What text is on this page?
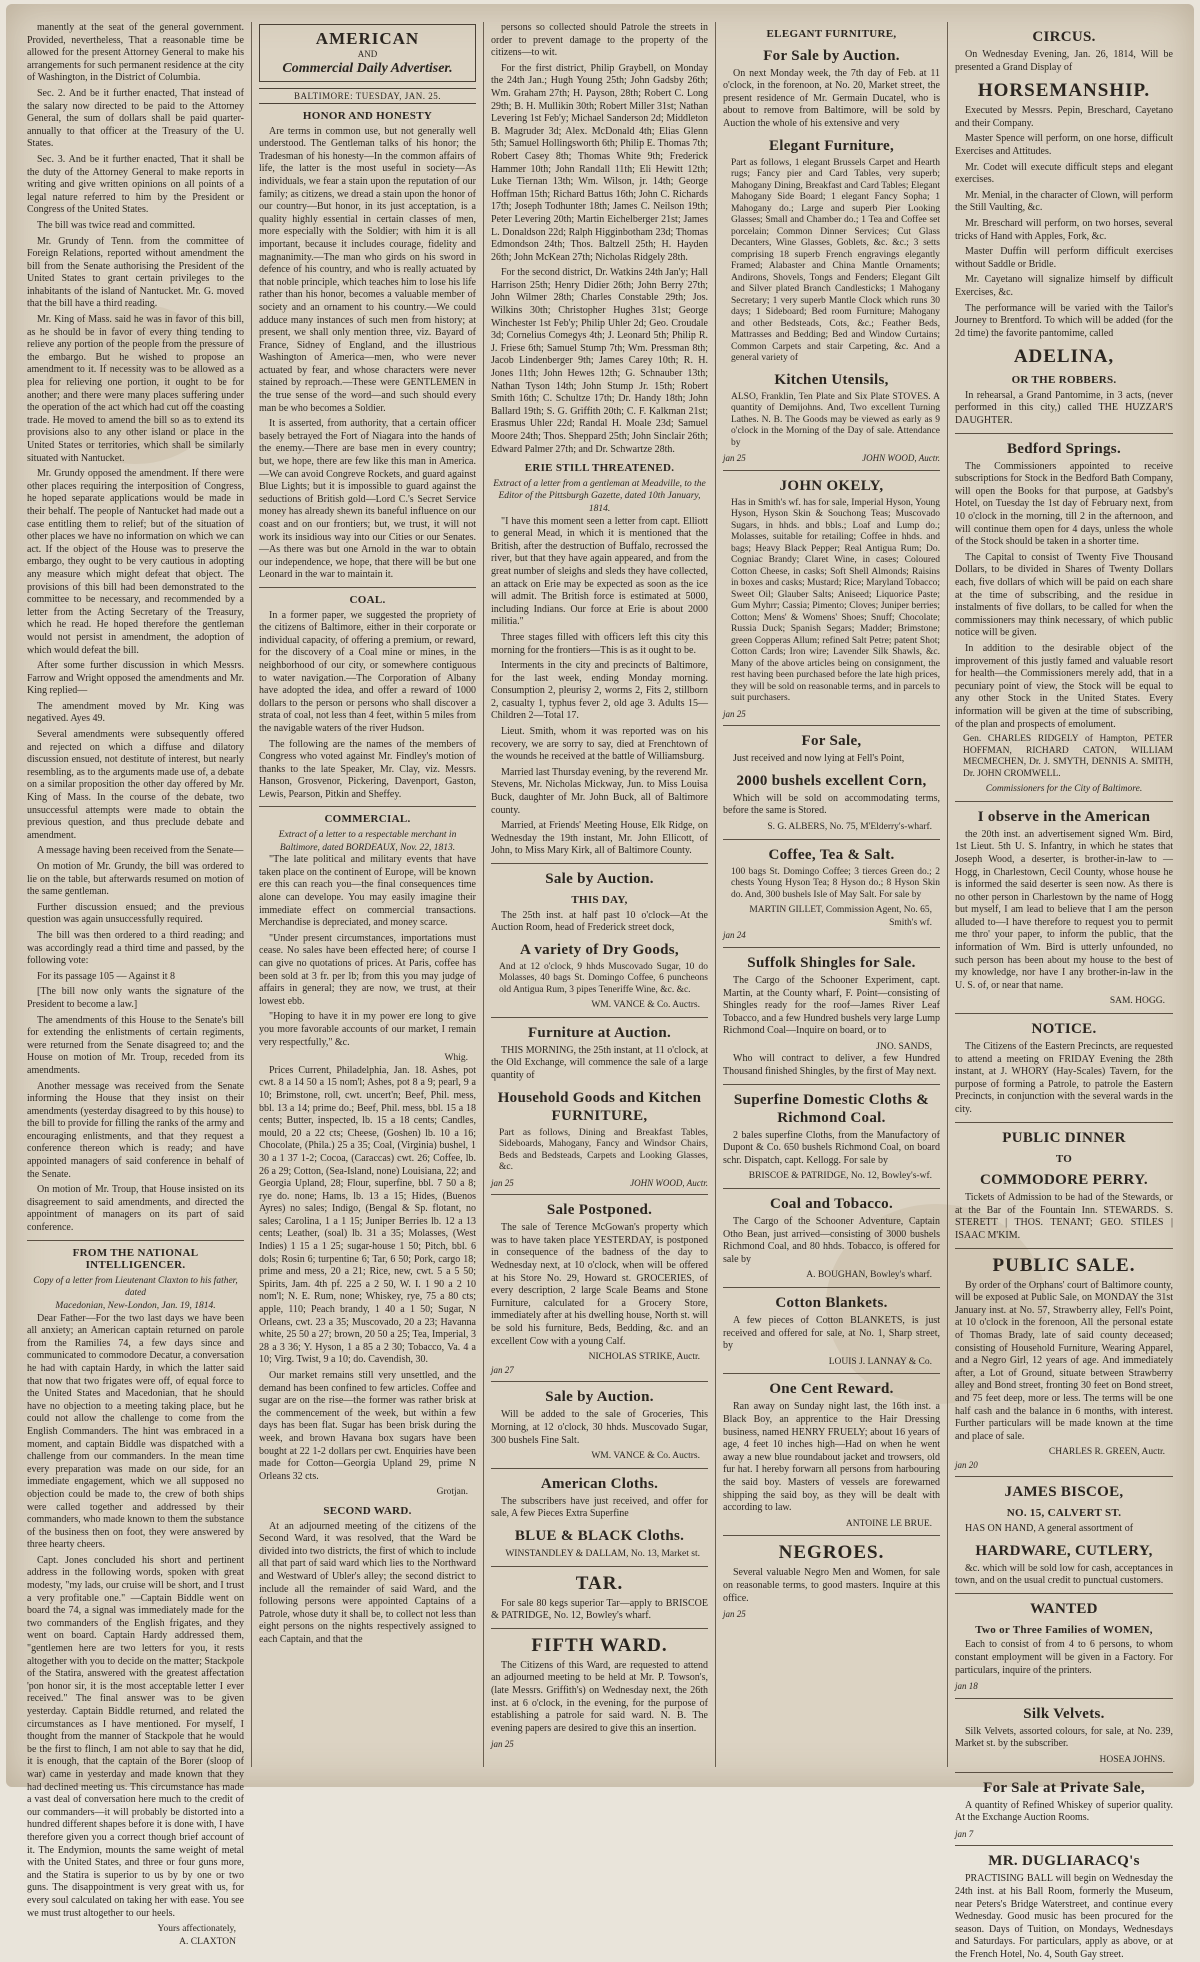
manently at the seat of the general government. Provided, nevertheless, That a reasonable time be allowed for the present Attorney General to make his arrangements for such permanent residence at the city of Washington, in the District of Columbia.

Sec. 2. And be it further enacted, That instead of the salary now directed to be paid to the Attorney General, the sum of dollars shall be paid quarter-annually to that officer at the Treasury of the U. States.

Sec. 3. And be it further enacted, That it shall be the duty of the Attorney General to make reports in writing and give written opinions on all points of a legal nature referred to him by the President or Congress of the United States.

The bill was twice read and committed.

Mr. Grundy of Tenn. from the committee of Foreign Relations, reported without amendment the bill from the Senate authorising the President of the United States to grant certain privileges to the inhabitants of the island of Nantucket. Mr. G. moved that the bill have a third reading.

Mr. King of Mass. said he was in favor of this bill, as he should be in favor of every thing tending to relieve any portion of the people from the pressure of the embargo. But he wished to propose an amendment to it. If necessity was to be allowed as a plea for relieving one portion, it ought to be for another; and there were many places suffering under the operation of the act which had cut off the coasting trade. He moved to amend the bill so as to extend its provisions also to any other island or place in the United States or territories, which shall be similarly situated with Nantucket.

Mr. Grundy opposed the amendment. If there were other places requiring the interposition of Congress, he hoped separate applications would be made in their behalf. The people of Nantucket had made out a case entitling them to relief; but of the situation of other places we have no information on which we can act. If the object of the House was to preserve the embargo, they ought to be very cautious in adopting any measure which might defeat that object. The provisions of this bill had been demonstrated to the committee to be necessary, and recommended by a letter from the Acting Secretary of the Treasury, which he read. He hoped therefore the gentleman would not persist in amendment, the adoption of which would defeat the bill.

After some further discussion in which Messrs. Farrow and Wright opposed the amendments and Mr. King replied—

The amendment moved by Mr. King was negatived. Ayes 49.

Several amendments were subsequently offered and rejected on which a diffuse and dilatory discussion ensued, not destitute of interest, but nearly resembling, as to the arguments made use of, a debate on a similar proposition the other day offered by Mr. King of Mass. In the course of the debate, two unsuccessful attempts were made to obtain the previous question, and thus preclude debate and amendment.

A message having been received from the Senate—

On motion of Mr. Grundy, the bill was ordered to lie on the table, but afterwards resumed on motion of the same gentleman.

Further discussion ensued; and the previous question was again unsuccessfully required.

The bill was then ordered to a third reading; and was accordingly read a third time and passed, by the following vote:

For its passage 105 — Against it 8

[The bill now only wants the signature of the President to become a law.]

The amendments of this House to the Senate's bill for extending the enlistments of certain regiments, were returned from the Senate disagreed to; and the House on motion of Mr. Troup, receded from its amendments.

Another message was received from the Senate informing the House that they insist on their amendments (yesterday disagreed to by this house) to the bill to provide for filling the ranks of the army and encouraging enlistments, and that they request a conference thereon which is ready; and have appointed managers of said conference in behalf of the Senate.

On motion of Mr. Troup, that House insisted on its disagreement to said amendments, and directed the appointment of managers on its part of said conference.

FROM THE NATIONAL INTELLIGENCER.
Copy of a letter from Lieutenant Claxton to his father, dated
Macedonian, New-London, Jan. 19, 1814.

Dear Father—For the two last days we have been all anxiety; an American captain returned on parole from the Ramilies 74, a few days since and communicated to commodore Decatur, a conversation he had with captain Hardy, in which the latter said that now that two frigates were off, of equal force to the United States and Macedonian, that he should have no objection to a meeting taking place, but he could not allow the challenge to come from the English Commanders. The hint was embraced in a moment, and captain Biddle was dispatched with a challenge from our commanders. In the mean time every preparation was made on our side, for an immediate engagement, which we all supposed no objection could be made to, the crew of both ships were called together and addressed by their commanders, who made known to them the substance of the business then on foot, they were answered by three hearty cheers.

Capt. Jones concluded his short and pertinent address in the following words, spoken with great modesty, "my lads, our cruise will be short, and I trust a very profitable one." —Captain Biddle went on board the 74, a signal was immediately made for the two commanders of the English frigates, and they went on board. Captain Hardy addressed them, "gentlemen here are two letters for you, it rests altogether with you to decide on the matter; Stackpole of the Statira, answered with the greatest affectation 'pon honor sir, it is the most acceptable letter I ever received." The final answer was to be given yesterday. Captain Biddle returned, and related the circumstances as I have mentioned. For myself, I thought from the manner of Stackpole that he would be the first to flinch, I am not able to say that he did, it is enough, that the captain of the Borer (sloop of war) came in yesterday and made known that they had declined meeting us. This circumstance has made a vast deal of conversation here much to the credit of our commanders—it will probably be distorted into a hundred different shapes before it is done with, I have therefore given you a correct though brief account of it. The Endymion, mounts the same weight of metal with the United States, and three or four guns more, and the Statira is superior to us by by one or two guns. The disappointment is very great with us, for every soul calculated on taking her with ease. You see we must trust altogether to our heels.

Yours affectionately,
A. CLAXTON
AMERICAN
AND
Commercial Daily Advertiser.
BALTIMORE: TUESDAY, JAN. 25.
HONOR AND HONESTY

Are terms in common use, but not generally well understood. The Gentleman talks of his honor; the Tradesman of his honesty—In the common affairs of life, the latter is the most useful in society—As individuals, we fear a stain upon the reputation of our family; as citizens, we dread a stain upon the honor of our country—But honor, in its just acceptation, is a quality highly essential in certain classes of men, more especially with the Soldier; with him it is all important, because it includes courage, fidelity and magnanimity.—The man who girds on his sword in defence of his country, and who is really actuated by that noble principle, which teaches him to lose his life rather than his honor, becomes a valuable member of society and an ornament to his country.—We could adduce many instances of such men from history; at present, we shall only mention three, viz. Bayard of France, Sidney of England, and the illustrious Washington of America—men, who were never actuated by fear, and whose characters were never stained by reproach.—These were GENTLEMEN in the true sense of the word—and such should every man be who becomes a Soldier.

It is asserted, from authority, that a certain officer basely betrayed the Fort of Niagara into the hands of the enemy.—There are base men in every country; but, we hope, there are few like this man in America.—We can avoid Congreve Rockets, and guard against Blue Lights; but it is impossible to guard against the seductions of British gold—Lord C.'s Secret Service money has already shewn its baneful influence on our coast and on our frontiers; but, we trust, it will not work its insidious way into our Cities or our Senates.—As there was but one Arnold in the war to obtain our independence, we hope, that there will be but one Leonard in the war to maintain it.

COAL.

In a former paper, we suggested the propriety of the citizens of Baltimore, either in their corporate or individual capacity, of offering a premium, or reward, for the discovery of a Coal mine or mines, in the neighborhood of our city, or somewhere contiguous to water navigation.—The Corporation of Albany have adopted the idea, and offer a reward of 1000 dollars to the person or persons who shall discover a strata of coal, not less than 4 feet, within 5 miles from the navigable waters of the river Hudson.

The following are the names of the members of Congress who voted against Mr. Findley's motion of thanks to the late Speaker, Mr. Clay, viz. Messrs. Hanson, Grosvenor, Pickering, Davenport, Gaston, Lewis, Pearson, Pitkin and Sheffey.

COMMERCIAL.
Extract of a letter to a respectable merchant in Baltimore, dated BORDEAUX, Nov. 22, 1813.

"The late political and military events that have taken place on the continent of Europe, will be known ere this can reach you—the final consequences time alone can develope. You may easily imagine their immediate effect on commercial transactions. Merchandise is depreciated, and money scarce.

"Under present circumstances, importations must cease. No sales have been effected here; of course I can give no quotations of prices. At Paris, coffee has been sold at 3 fr. per lb; from this you may judge of affairs in general; they are now, we trust, at their lowest ebb.

"Hoping to have it in my power ere long to give you more favorable accounts of our market, I remain very respectfully," &c.

Whig.

Prices Current, Philadelphia, Jan. 18. Ashes, pot cwt. 8 a 14 50 a 15 nom'l; Ashes, pot 8 a 9; pearl, 9 a 10; Brimstone, roll, cwt. uncert'n; Beef, Phil. mess, bbl. 13 a 14; prime do.; Beef, Phil. mess, bbl. 15 a 18 cents; Butter, inspected, lb. 15 a 18 cents; Candles, mould, 20 a 22 cts; Cheese, (Goshen) lb. 10 a 16; Chocolate, (Phila.) 25 a 35; Coal, (Virginia) bushel, 1 30 a 1 37 1-2; Cocoa, (Caraccas) cwt. 26; Coffee, lb. 26 a 29; Cotton, (Sea-Island, none) Louisiana, 22; and Georgia Upland, 28; Flour, superfine, bbl. 7 50 a 8; rye do. none; Hams, lb. 13 a 15; Hides, (Buenos Ayres) no sales; Indigo, (Bengal & Sp. flotant, no sales; Carolina, 1 a 1 15; Juniper Berries lb. 12 a 13 cents; Leather, (soal) lb. 31 a 35; Molasses, (West Indies) 1 15 a 1 25; sugar-house 1 50; Pitch, bbl. 6 dols; Rosin 6; turpentine 6; Tar, 6 50; Pork, cargo 18; prime and mess, 20 a 21; Rice, new, cwt. 5 a 5 50; Spirits, Jam. 4th pf. 225 a 2 50, W. I. 1 90 a 2 10 nom'l; N. E. Rum, none; Whiskey, rye, 75 a 80 cts; apple, 110; Peach brandy, 1 40 a 1 50; Sugar, N Orleans, cwt. 23 a 35; Muscovado, 20 a 23; Havanna white, 25 50 a 27; brown, 20 50 a 25; Tea, Imperial, 3 28 a 3 36; Y. Hyson, 1 a 85 a 2 30; Tobacco, Va. 4 a 10; Virg. Twist, 9 a 10; do. Cavendish, 30.

Our market remains still very unsettled, and the demand has been confined to few articles. Coffee and sugar are on the rise—the former was rather brisk at the commencement of the week, but within a few days has been flat. Sugar has been brisk during the week, and brown Havana box sugars have been bought at 22 1-2 dollars per cwt. Enquiries have been made for Cotton—Georgia Upland 29, prime N Orleans 32 cts.

Grotjan.
SECOND WARD.

At an adjourned meeting of the citizens of the Second Ward, it was resolved, that the Ward be divided into two districts, the first of which to include all that part of said ward which lies to the Northward and Westward of Ubler's alley; the second district to include all the remainder of said Ward, and the following persons were appointed Captains of a Patrole, whose duty it shall be, to collect not less than eight persons on the nights respectively assigned to each Captain, and that the

persons so collected should Patrole the streets in order to prevent damage to the property of the citizens—to wit.

For the first district, Philip Graybell, on Monday the 24th Jan.; Hugh Young 25th; John Gadsby 26th; Wm. Graham 27th; H. Payson, 28th; Robert C. Long 29th; B. H. Mullikin 30th; Robert Miller 31st; Nathan Levering 1st Feb'y; Michael Sanderson 2d; Middleton B. Magruder 3d; Alex. McDonald 4th; Elias Glenn 5th; Samuel Hollingsworth 6th; Philip E. Thomas 7th; Robert Casey 8th; Thomas White 9th; Frederick Hammer 10th; John Randall 11th; Eli Hewitt 12th; Luke Tiernan 13th; Wm. Wilson, jr. 14th; George Hoffman 15th; Richard Battus 16th; John C. Richards 17th; Joseph Todhunter 18th; James C. Neilson 19th; Peter Levering 20th; Martin Eichelberger 21st; James L. Donaldson 22d; Ralph Higginbotham 23d; Thomas Edmondson 24th; Thos. Baltzell 25th; H. Hayden 26th; John McKean 27th; Nicholas Ridgely 28th.

For the second district, Dr. Watkins 24th Jan'y; Hall Harrison 25th; Henry Didier 26th; John Berry 27th; John Wilmer 28th; Charles Constable 29th; Jos. Wilkins 30th; Christopher Hughes 31st; George Winchester 1st Feb'y; Philip Uhler 2d; Geo. Croudale 3d; Cornelius Comegys 4th; J. Leonard 5th; Philip R. J. Friese 6th; Samuel Stump 7th; Wm. Pressman 8th; Jacob Lindenberger 9th; James Carey 10th; R. H. Jones 11th; John Hewes 12th; G. Schnauber 13th; Nathan Tyson 14th; John Stump Jr. 15th; Robert Smith 16th; C. Schultze 17th; Dr. Handy 18th; John Ballard 19th; S. G. Griffith 20th; C. F. Kalkman 21st; Erasmus Uhler 22d; Randal H. Moale 23d; Samuel Moore 24th; Thos. Sheppard 25th; John Sinclair 26th; Edward Palmer 27th; and Dr. Schwartze 28th.

ERIE STILL THREATENED.
Extract of a letter from a gentleman at Meadville, to the Editor of the Pittsburgh Gazette, dated 10th January, 1814.

"I have this moment seen a letter from capt. Elliott to general Mead, in which it is mentioned that the British, after the destruction of Buffalo, recrossed the river, but that they have again appeared, and from the great number of sleighs and sleds they have collected, an attack on Erie may be expected as soon as the ice will admit. The British force is estimated at 5000, including Indians. Our force at Erie is about 2000 militia."

Three stages filled with officers left this city this morning for the frontiers—This is as it ought to be.

Interments in the city and precincts of Baltimore, for the last week, ending Monday morning. Consumption 2, pleurisy 2, worms 2, Fits 2, stillborn 2, casualty 1, typhus fever 2, old age 3. Adults 15—Children 2—Total 17.

Lieut. Smith, whom it was reported was on his recovery, we are sorry to say, died at Frenchtown of the wounds he received at the battle of Williamsburg.

Married last Thursday evening, by the reverend Mr. Stevens, Mr. Nicholas Mickway, Jun. to Miss Louisa Buck, daughter of Mr. John Buck, all of Baltimore county.

Married, at Friends' Meeting House, Elk Ridge, on Wednesday the 19th instant, Mr. John Ellicott, of John, to Miss Mary Kirk, all of Baltimore County.

Sale by Auction.
THIS DAY,

The 25th inst. at half past 10 o'clock—At the Auction Room, head of Frederick street dock,

A variety of Dry Goods,
And at 12 o'clock, 9 hhds Muscovado Sugar, 10 do Molasses, 40 bags St. Domingo Coffee, 6 puncheons old Antigua Rum, 3 pipes Teneriffe Wine, &c. &c.
WM. VANCE & Co. Auctrs.
Furniture at Auction.

THIS MORNING, the 25th instant, at 11 o'clock, at the Old Exchange, will commence the sale of a large quantity of

Household Goods and Kitchen FURNITURE,
Part as follows, Dining and Breakfast Tables, Sideboards, Mahogany, Fancy and Windsor Chairs, Beds and Bedsteads, Carpets and Looking Glasses, &c.
jan 25	JOHN WOOD, Auctr.
Sale Postponed.

The sale of Terence McGowan's property which was to have taken place YESTERDAY, is postponed in consequence of the badness of the day to Wednesday next, at 10 o'clock, when will be offered at his Store No. 29, Howard st. GROCERIES, of every description, 2 large Scale Beams and Stone Furniture, calculated for a Grocery Store, immediately after at his dwelling house, North st. will be sold his furniture, Beds, Bedding, &c. and an excellent Cow with a young Calf.

NICHOLAS STRIKE, Auctr.
jan 27
Sale by Auction.

Will be added to the sale of Groceries, This Morning, at 12 o'clock, 30 hhds. Muscovado Sugar, 300 bushels Fine Salt.

WM. VANCE & Co. Auctrs.
American Cloths.

The subscribers have just received, and offer for sale, A few Pieces Extra Superfine

BLUE & BLACK Cloths.
WINSTANDLEY & DALLAM, No. 13, Market st.
TAR.

For sale 80 kegs superior Tar—apply to BRISCOE & PATRIDGE, No. 12, Bowley's wharf.

FIFTH WARD.

The Citizens of this Ward, are requested to attend an adjourned meeting to be held at Mr. P. Towson's, (late Messrs. Griffith's) on Wednesday next, the 26th inst. at 6 o'clock, in the evening, for the purpose of establishing a patrole for said ward. N. B. The evening papers are desired to give this an insertion.

jan 25
ELEGANT FURNITURE,
For Sale by Auction.

On next Monday week, the 7th day of Feb. at 11 o'clock, in the forenoon, at No. 20, Market street, the present residence of Mr. Germain Ducatel, who is about to remove from Baltimore, will be sold by Auction the whole of his extensive and very

Elegant Furniture,
Part as follows, 1 elegant Brussels Carpet and Hearth rugs; Fancy pier and Card Tables, very superb; Mahogany Dining, Breakfast and Card Tables; Elegant Mahogany Side Board; 1 elegant Fancy Sopha; 1 Mahogany do.; Large and superb Pier Looking Glasses; Small and Chamber do.; 1 Tea and Coffee set porcelain; Common Dinner Services; Cut Glass Decanters, Wine Glasses, Goblets, &c. &c.; 3 setts comprising 18 superb French engravings elegantly Framed; Alabaster and China Mantle Ornaments; Andirons, Shovels, Tongs and Fenders; Elegant Gilt and Silver plated Branch Candlesticks; 1 Mahogany Secretary; 1 very superb Mantle Clock which runs 30 days; 1 Sideboard; Bed room Furniture; Mahogany and other Bedsteads, Cots, &c.; Feather Beds, Mattrasses and Bedding; Bed and Window Curtains; Common Carpets and stair Carpeting, &c. And a general variety of
Kitchen Utensils,
ALSO, Franklin, Ten Plate and Six Plate STOVES. A quantity of Demijohns. And, Two excellent Turning Lathes. N. B. The Goods may be viewed as early as 9 o'clock in the Morning of the Day of sale. Attendance by
jan 25	JOHN WOOD, Auctr.
JOHN OKELY,
Has in Smith's wf. has for sale, Imperial Hyson, Young Hyson, Hyson Skin & Souchong Teas; Muscovado Sugars, in hhds. and bbls.; Loaf and Lump do.; Molasses, suitable for retailing; Coffee in hhds. and bags; Heavy Black Pepper; Real Antigua Rum; Do. Cogniac Brandy; Claret Wine, in cases; Coloured Cotton Cheese, in casks; Soft Shell Almonds; Raisins in boxes and casks; Mustard; Rice; Maryland Tobacco; Sweet Oil; Glauber Salts; Aniseed; Liquorice Paste; Gum Myhrr; Cassia; Pimento; Cloves; Juniper berries; Cotton; Mens' & Womens' Shoes; Snuff; Chocolate; Russia Duck; Spanish Segars; Madder; Brimstone; green Copperas Allum; refined Salt Petre; patent Shot; Cotton Cards; Iron wire; Lavender Silk Shawls, &c. Many of the above articles being on consignment, the rest having been purchased before the late high prices, they will be sold on reasonable terms, and in parcels to suit purchasers.
jan 25
For Sale,

Just received and now lying at Fell's Point,

2000 bushels excellent Corn,

Which will be sold on accommodating terms, before the same is Stored.

S. G. ALBERS, No. 75, M'Elderry's-wharf.
Coffee, Tea & Salt.
100 bags St. Domingo Coffee; 3 tierces Green do.; 2 chests Young Hyson Tea; 8 Hyson do.; 8 Hyson Skin do. And, 300 bushels Isle of May Salt. For sale by
MARTIN GILLET, Commission Agent, No. 65, Smith's wf.
jan 24
Suffolk Shingles for Sale.

The Cargo of the Schooner Experiment, capt. Martin, at the County wharf, F. Point—consisting of Shingles ready for the roof—James River Leaf Tobacco, and a few Hundred bushels very large Lump Richmond Coal—Inquire on board, or to

JNO. SANDS,

Who will contract to deliver, a few Hundred Thousand finished Shingles, by the first of May next.

Superfine Domestic Cloths & Richmond Coal.

2 bales superfine Cloths, from the Manufactory of Dupont & Co. 650 bushels Richmond Coal, on board schr. Dispatch, capt. Kellogg. For sale by

BRISCOE & PATRIDGE, No. 12, Bowley's-wf.
Coal and Tobacco.

The Cargo of the Schooner Adventure, Captain Otho Bean, just arrived—consisting of 3000 bushels Richmond Coal, and 80 hhds. Tobacco, is offered for sale by

A. BOUGHAN, Bowley's wharf.
Cotton Blankets.

A few pieces of Cotton BLANKETS, is just received and offered for sale, at No. 1, Sharp street, by

LOUIS J. LANNAY & Co.
One Cent Reward.

Ran away on Sunday night last, the 16th inst. a Black Boy, an apprentice to the Hair Dressing business, named HENRY FRUELY; about 16 years of age, 4 feet 10 inches high—Had on when he went away a new blue roundabout jacket and trowsers, old fur hat. I hereby forwarn all persons from harbouring the said boy. Masters of vessels are forewarned shipping the said boy, as they will be dealt with according to law.

ANTOINE LE BRUE.
NEGROES.

Several valuable Negro Men and Women, for sale on reasonable terms, to good masters. Inquire at this office.

jan 25
CIRCUS.

On Wednesday Evening, Jan. 26, 1814, Will be presented a Grand Display of

HORSEMANSHIP.

Executed by Messrs. Pepin, Breschard, Cayetano and their Company.

Master Spence will perform, on one horse, difficult Exercises and Attitudes.

Mr. Codet will execute difficult steps and elegant exercises.

Mr. Menial, in the character of Clown, will perform the Still Vaulting, &c.

Mr. Breschard will perform, on two horses, several tricks of Hand with Apples, Fork, &c.

Master Duffin will perform difficult exercises without Saddle or Bridle.

Mr. Cayetano will signalize himself by difficult Exercises, &c.

The performance will be varied with the Tailor's Journey to Brentford. To which will be added (for the 2d time) the favorite pantomime, called

ADELINA,
OR THE ROBBERS.

In rehearsal, a Grand Pantomime, in 3 acts, (never performed in this city,) called THE HUZZAR'S DAUGHTER.

Bedford Springs.

The Commissioners appointed to receive subscriptions for Stock in the Bedford Bath Company, will open the Books for that purpose, at Gadsby's Hotel, on Tuesday the 1st day of February next, from 10 o'clock in the morning, till 2 in the afternoon, and will continue them open for 4 days, unless the whole of the Stock should be taken in a shorter time.

The Capital to consist of Twenty Five Thousand Dollars, to be divided in Shares of Twenty Dollars each, five dollars of which will be paid on each share at the time of subscribing, and the residue in instalments of five dollars, to be called for when the commissioners may think necessary, of which public notice will be given.

In addition to the desirable object of the improvement of this justly famed and valuable resort for health—the Commissioners merely add, that in a pecuniary point of view, the Stock will be equal to any other Stock in the United States. Every information will be given at the time of subscribing, of the plan and prospects of emolument.

Gen. CHARLES RIDGELY of Hampton, PETER HOFFMAN, RICHARD CATON, WILLIAM MECMECHEN, Dr. J. SMYTH, DENNIS A. SMITH, Dr. JOHN CROMWELL.
Commissioners for the City of Baltimore.
I observe in the American

the 20th inst. an advertisement signed Wm. Bird, 1st Lieut. 5th U. S. Infantry, in which he states that Joseph Wood, a deserter, is brother-in-law to — Hogg, in Charlestown, Cecil County, whose house he is informed the said deserter is seen now. As there is no other person in Charlestown by the name of Hogg but myself, I am lead to believe that I am the person alluded to—I have therefore to request you to permit me thro' your paper, to inform the public, that the information of Wm. Bird is utterly unfounded, no such person has been about my house to the best of my knowledge, nor have I any brother-in-law in the U. S. of, or near that name.

SAM. HOGG.
NOTICE.

The Citizens of the Eastern Precincts, are requested to attend a meeting on FRIDAY Evening the 28th instant, at J. WHORY (Hay-Scales) Tavern, for the purpose of forming a Patrole, to patrole the Eastern Precincts, in conjunction with the several wards in the city.

PUBLIC DINNER
TO
COMMODORE PERRY.

Tickets of Admission to be had of the Stewards, or at the Bar of the Fountain Inn. STEWARDS. S. STERETT | THOS. TENANT; GEO. STILES | ISAAC M'KIM.

PUBLIC SALE.

By order of the Orphans' court of Baltimore county, will be exposed at Public Sale, on MONDAY the 31st January inst. at No. 57, Strawberry alley, Fell's Point, at 10 o'clock in the forenoon, All the personal estate of Thomas Brady, late of said county deceased; consisting of Household Furniture, Wearing Apparel, and a Negro Girl, 12 years of age. And immediately after, a Lot of Ground, situate between Strawberry alley and Bond street, fronting 30 feet on Bond street, and 75 feet deep, more or less. The terms will be one half cash and the balance in 6 months, with interest. Further particulars will be made known at the time and place of sale.

CHARLES R. GREEN, Auctr.
jan 20
JAMES BISCOE,
NO. 15, CALVERT ST.

HAS ON HAND, A general assortment of

HARDWARE, CUTLERY,

&c. which will be sold low for cash, acceptances in town, and on the usual credit to punctual customers.

WANTED
Two or Three Families of WOMEN,

Each to consist of from 4 to 6 persons, to whom constant employment will be given in a Factory. For particulars, inquire of the printers.

jan 18
Silk Velvets.

Silk Velvets, assorted colours, for sale, at No. 239, Market st. by the subscriber.

HOSEA JOHNS.
For Sale at Private Sale,

A quantity of Refined Whiskey of superior quality. At the Exchange Auction Rooms.

jan 7
MR. DUGLIARACQ's

PRACTISING BALL will begin on Wednesday the 24th inst. at his Ball Room, formerly the Museum, near Peters's Bridge Waterstreet, and continue every Wednesday. Good music has been procured for the season. Days of Tuition, on Mondays, Wednesdays and Saturdays. For particulars, apply as above, or at the French Hotel, No. 4, South Gay street.
